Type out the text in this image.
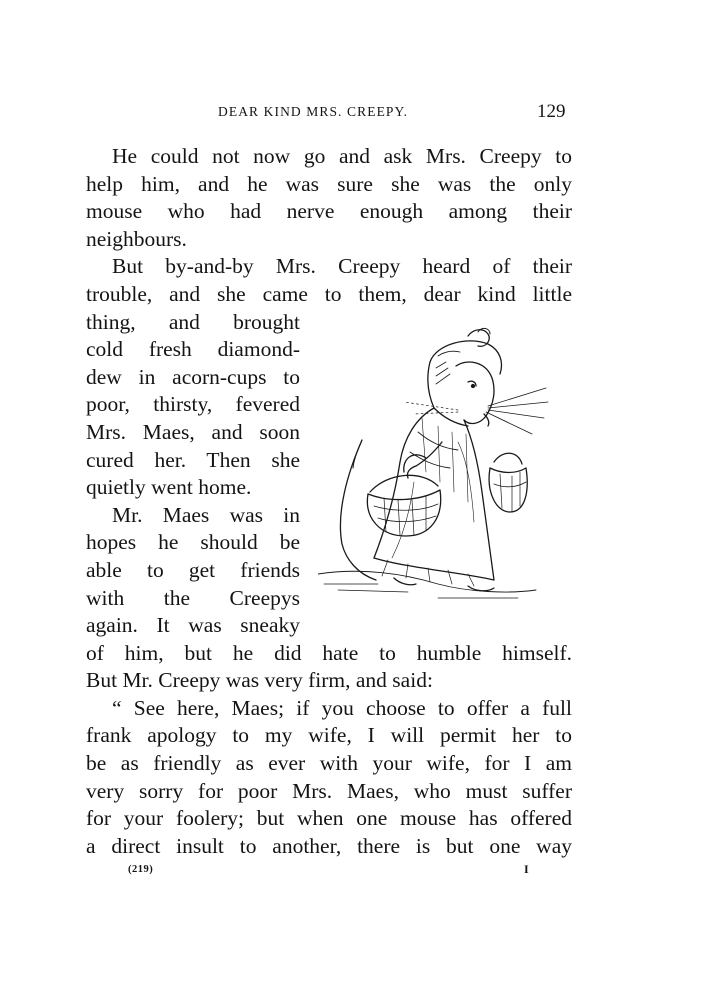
DEAR KIND MRS. CREEPY.	129
He could not now go and ask Mrs. Creepy to
help him, and he was sure she was the only
mouse who had nerve enough among their
neighbours.
But by-and-by Mrs. Creepy heard of their
trouble, and she came to them, dear kind little
thing, and brought
cold fresh diamond-
dew in acorn-cups to
poor, thirsty, fevered
Mrs. Maes, and soon
cured her. Then she
quietly went home.
Mr. Maes was in
hopes he should be
able to get friends
with the Creepys
again. It was sneaky
of him, but he did hate to humble himself.
But Mr. Creepy was very firm, and said:
“ See here, Maes; if you choose to offer a full
frank apology to my wife, I will permit her to
be as friendly as ever with your wife, for I am
very sorry for poor Mrs. Maes, who must suffer
for your foolery; but when one mouse has offered
a direct insult to another, there is but one way
(219)	I
